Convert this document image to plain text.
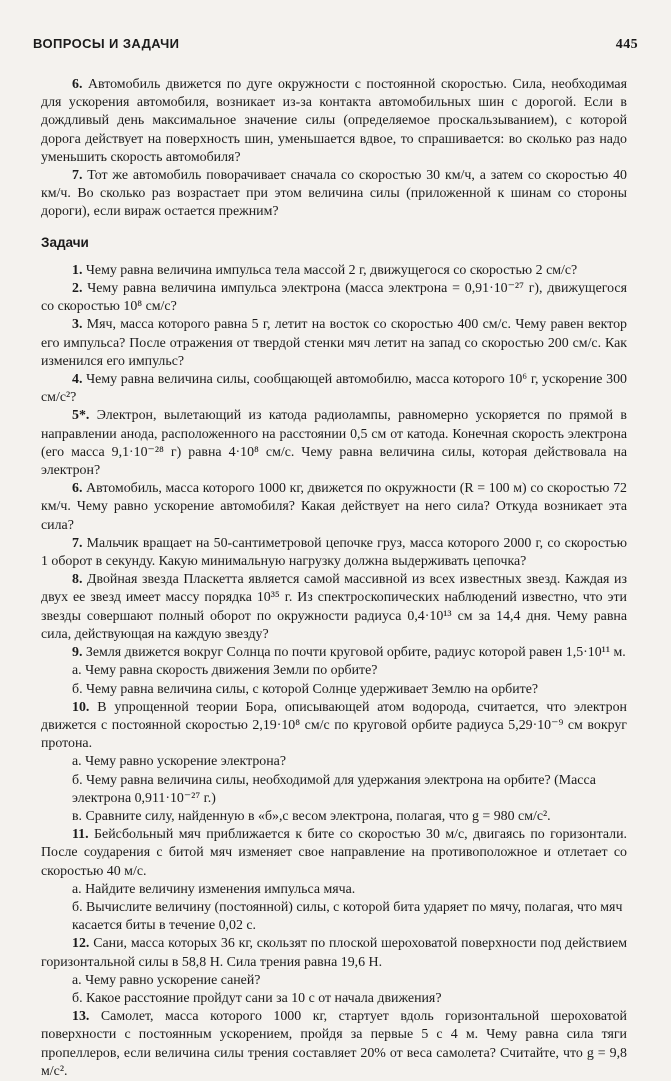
ВОПРОСЫ И ЗАДАЧИ	445

6. Автомобиль движется по дуге окружности с постоянной скоростью. Сила, необходимая для ускорения автомобиля, возникает из-за контакта автомобильных шин с дорогой. Если в дождливый день максимальное значение силы (определяемое проскальзыванием), с которой дорога действует на поверхность шин, уменьшается вдвое, то спрашивается: во сколько раз надо уменьшить скорость автомобиля?

7. Тот же автомобиль поворачивает сначала со скоростью 30 км/ч, а затем со скоростью 40 км/ч. Во сколько раз возрастает при этом величина силы (приложенной к шинам со стороны дороги), если вираж остается прежним?

Задачи

1. Чему равна величина импульса тела массой 2 г, движущегося со скоростью 2 см/с?

2. Чему равна величина импульса электрона (масса электрона = 0,91·10⁻²⁷ г), движущегося со скоростью 10⁸ см/с?

3. Мяч, масса которого равна 5 г, летит на восток со скоростью 400 см/с. Чему равен вектор его импульса? После отражения от твердой стенки мяч летит на запад со скоростью 200 см/с. Как изменился его импульс?

4. Чему равна величина силы, сообщающей автомобилю, масса которого 10⁶ г, ускорение 300 см/с²?

5*. Электрон, вылетающий из катода радиолампы, равномерно ускоряется по прямой в направлении анода, расположенного на расстоянии 0,5 см от катода. Конечная скорость электрона (его масса 9,1·10⁻²⁸ г) равна 4·10⁸ см/с. Чему равна величина силы, которая действовала на электрон?

6. Автомобиль, масса которого 1000 кг, движется по окружности (R = 100 м) со скоростью 72 км/ч. Чему равно ускорение автомобиля? Какая действует на него сила? Откуда возникает эта сила?

7. Мальчик вращает на 50-сантиметровой цепочке груз, масса которого 2000 г, со скоростью 1 оборот в секунду. Какую минимальную нагрузку должна выдерживать цепочка?

8. Двойная звезда Пласкетта является самой массивной из всех известных звезд. Каждая из двух ее звезд имеет массу порядка 10³⁵ г. Из спектроскопических наблюдений известно, что эти звезды совершают полный оборот по окружности радиуса 0,4·10¹³ см за 14,4 дня. Чему равна сила, действующая на каждую звезду?

9. Земля движется вокруг Солнца по почти круговой орбите, радиус которой равен 1,5·10¹¹ м.

а. Чему равна скорость движения Земли по орбите?

б. Чему равна величина силы, с которой Солнце удерживает Землю на орбите?

10. В упрощенной теории Бора, описывающей атом водорода, считается, что электрон движется с постоянной скоростью 2,19·10⁸ см/с по круговой орбите радиуса 5,29·10⁻⁹ см вокруг протона.

а. Чему равно ускорение электрона?

б. Чему равна величина силы, необходимой для удержания электрона на орбите? (Масса электрона 0,911·10⁻²⁷ г.)

в. Сравните силу, найденную в «б»,с весом электрона, полагая, что g = 980 см/с².

11. Бейсбольный мяч приближается к бите со скоростью 30 м/с, двигаясь по горизонтали. После соударения с битой мяч изменяет свое направление на противоположное и отлетает со скоростью 40 м/с.

а. Найдите величину изменения импульса мяча.

б. Вычислите величину (постоянной) силы, с которой бита ударяет по мячу, полагая, что мяч касается биты в течение 0,02 с.

12. Сани, масса которых 36 кг, скользят по плоской шероховатой поверхности под действием горизонтальной силы в 58,8 Н. Сила трения равна 19,6 Н.

а. Чему равно ускорение саней?

б. Какое расстояние пройдут сани за 10 с от начала движения?

13. Самолет, масса которого 1000 кг, стартует вдоль горизонтальной шероховатой поверхности с постоянным ускорением, пройдя за первые 5 с 4 м. Чему равна сила тяги пропеллеров, если величина силы трения составляет 20% от веса самолета? Считайте, что g = 9,8 м/с².
